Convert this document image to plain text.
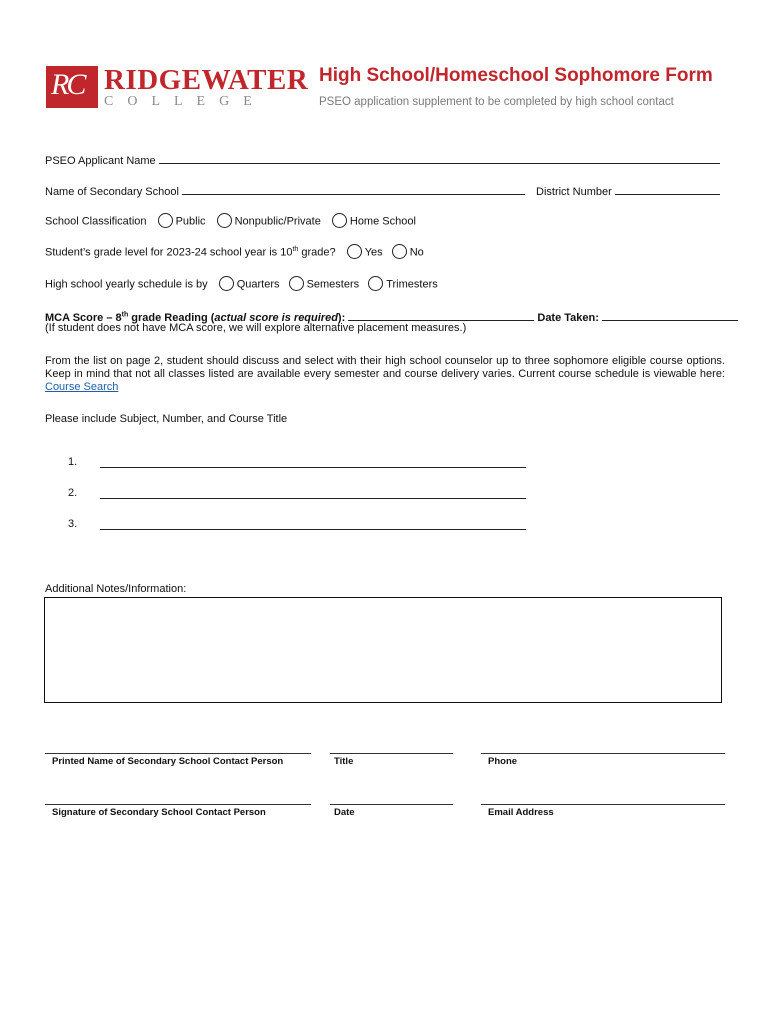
RC RIDGEWATER
COLLEGE
High School/Homeschool Sophomore Form
PSEO application supplement to be completed by high school contact
PSEO Applicant Name
Name of Secondary School	District Number
School Classification	Public	Nonpublic/Private	Home School
Student’s grade level for 2023-24 school year is 10th grade?	Yes No
High school yearly schedule is by	Quarters Semesters Trimesters
MCA Score – 8th grade Reading (actual score is required):	Date Taken:
(If student does not have MCA score, we will explore alternative placement measures.)
From the list on page 2, student should discuss and select with their high school counselor up to three sophomore eligible course options. Keep in mind that not all classes listed are available every semester and course delivery varies. Current course schedule is viewable here: Course Search
Please include Subject, Number, and Course Title
1.
2.
3.
Additional Notes/Information:
Printed Name of Secondary School Contact Person	Title	Phone
Signature of Secondary School Contact Person	Date	Email Address
